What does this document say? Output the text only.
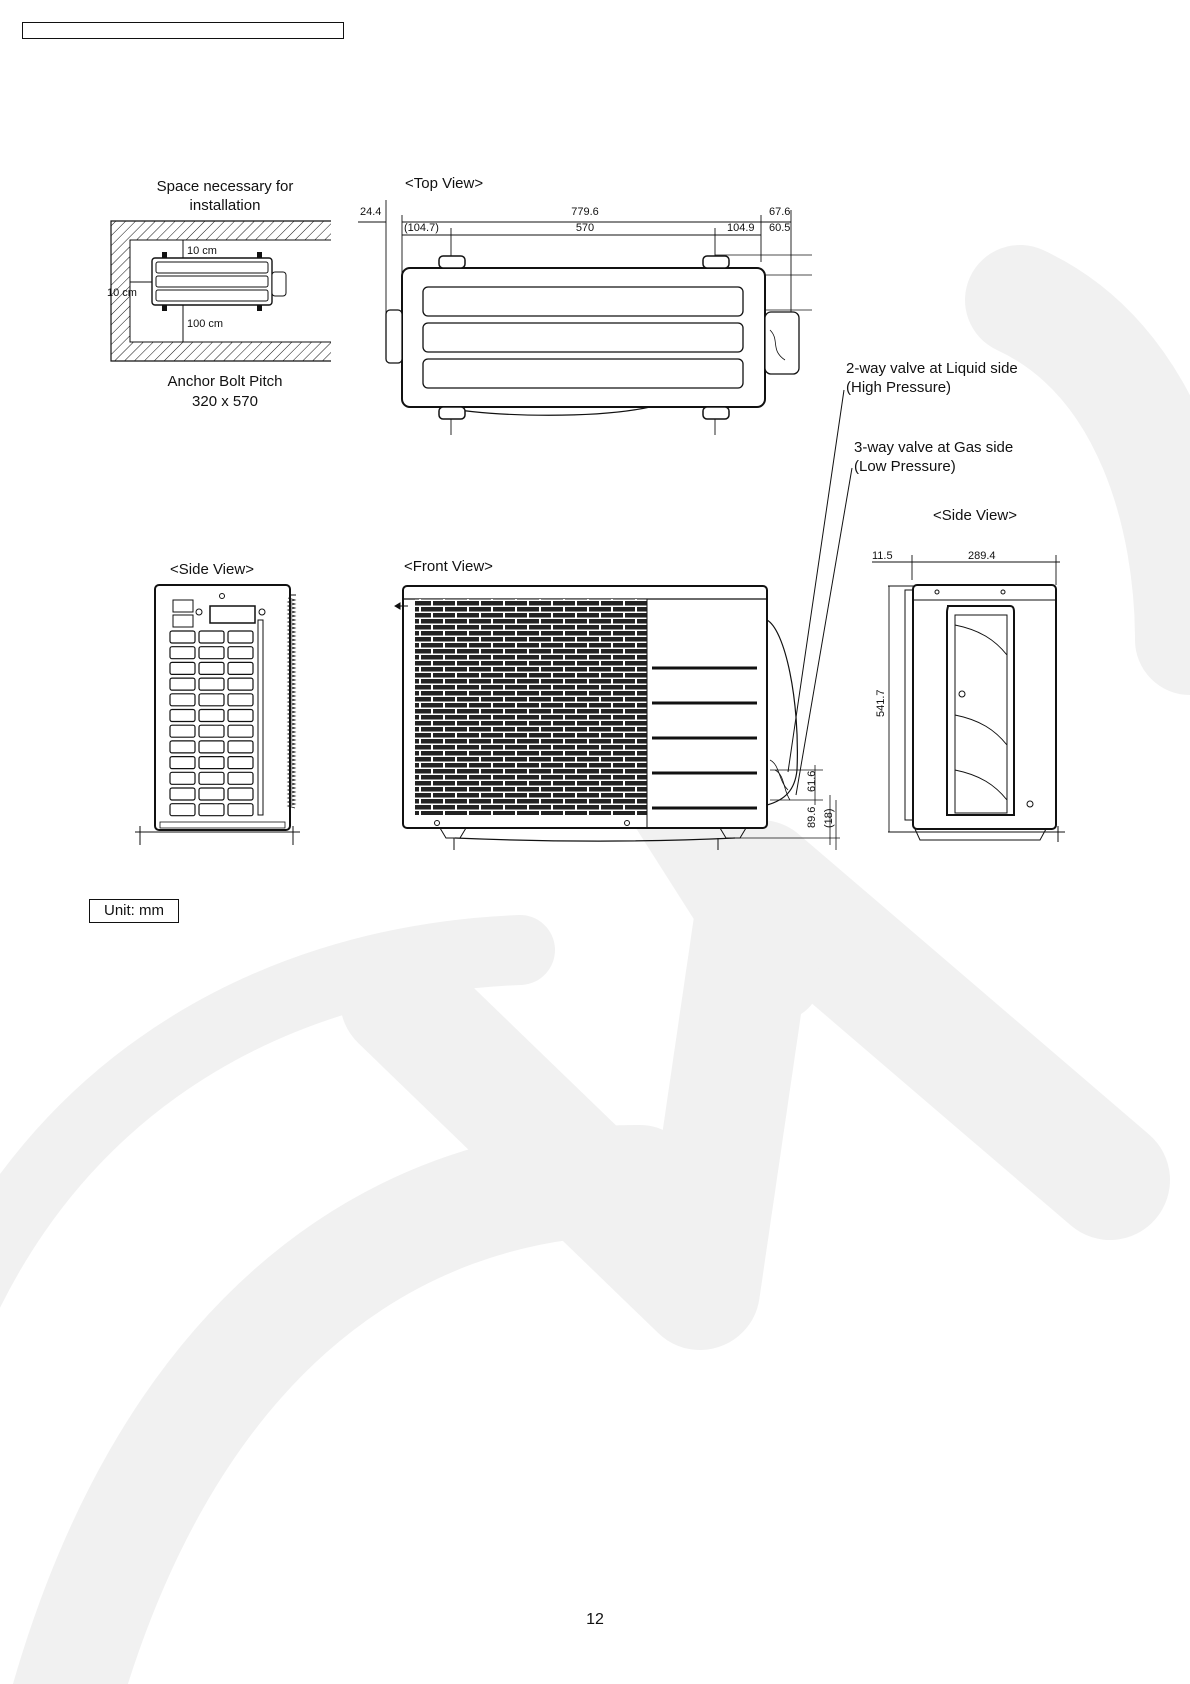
Space necessary for
installation
10 cm
10 cm
100 cm
Anchor Bolt Pitch
320 x 570
<Top View>
24.4	779.6
(104.7)	570	104.9
67.6
60.5
2-way valve at Liquid side
(High Pressure)
3-way valve at Gas side
(Low Pressure)
<Side View>	<Front View>
61.6
89.6 (18)
<Side View>
11.5	289.4
541.7
Unit: mm
12
